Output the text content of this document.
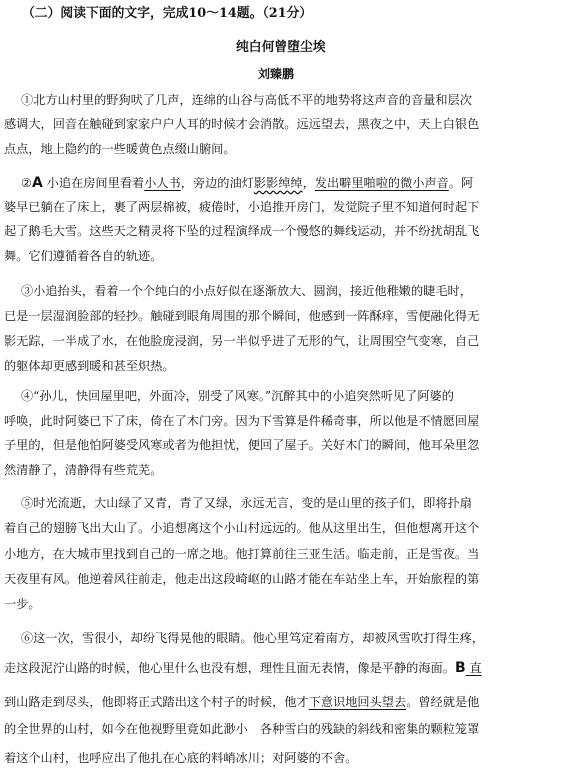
（二）阅读下面的文字，完成10～14题。（21分）
纯白何曾堕尘埃
刘臻鹏
①北方山村里的野狗吠了几声，连绵的山谷与高低不平的地势将这声音的音量和层次
感调大，回音在触碰到家家户户人耳的时候才会消散。远远望去，黑夜之中，天上白银色
点点，地上隐约的一些暖黄色点缀山腑间。
②A 小追在房间里看着小人书，旁边的油灯影影绰绰，发出噼里啪啦的微小声音。阿
婆早已躺在了床上，裹了两层棉被，疲倦时，小追推开房门，发觉院子里不知道何时起下
起了鹅毛大雪。这些天之精灵将下坠的过程演绎成一个慢悠的舞线运动，并不纷扰胡乱飞
舞。它们遵循着各自的轨迹。
③小追抬头，看着一个个纯白的小点好似在逐渐放大、圆润，接近他稚嫩的睫毛时，
已是一层湿润脸部的轻抄。触碰到眼角周围的那个瞬间，他感到一阵酥痒，雪便融化得无
影无踪，一半成了水，在他脸庞浸润，另一半似乎进了无形的气，让周围空气变寒，自己
的躯体却更感到暖和甚至炽热。
④“孙儿，快回屋里吧，外面冷，别受了风寒。”沉醉其中的小追突然听见了阿婆的
呼唤，此时阿婆已下了床，倚在了木门旁。因为下雪算是件稀奇事，所以他是不情愿回屋
子里的，但是他怕阿婆受风寒或者为他担忧，便回了屋子。关好木门的瞬间，他耳朵里忽
然清静了，清静得有些荒芜。
⑤时光流逝，大山绿了又青，青了又绿，永远无言，变的是山里的孩子们，即将扑扇
着自己的翅膀飞出大山了。小追想离这个小山村远远的。他从这里出生，但他想离开这个
小地方，在大城市里找到自己的一席之地。他打算前往三亚生活。临走前，正是雪夜。当
天夜里有风。他逆着风往前走，他走出这段崎岖的山路才能在车站坐上车，开始旅程的第
一步。
⑥这一次，雪很小，却纷飞得晃他的眼睛。他心里笃定着南方，却被风雪吹打得生疼，
走这段泥泞山路的时候，他心里什么也没有想，理性且面无表情，像是平静的海面。B 直
到山路走到尽头，他即将正式踏出这个村子的时候，他才下意识地回头望去。曾经就是他
的全世界的山村，如今在他视野里竟如此渺小　各种雪白的残缺的斜线和密集的颗粒笼罩
着这个山村，也呼应出了他扎在心底的料峭冰川；对阿婆的不舍。
